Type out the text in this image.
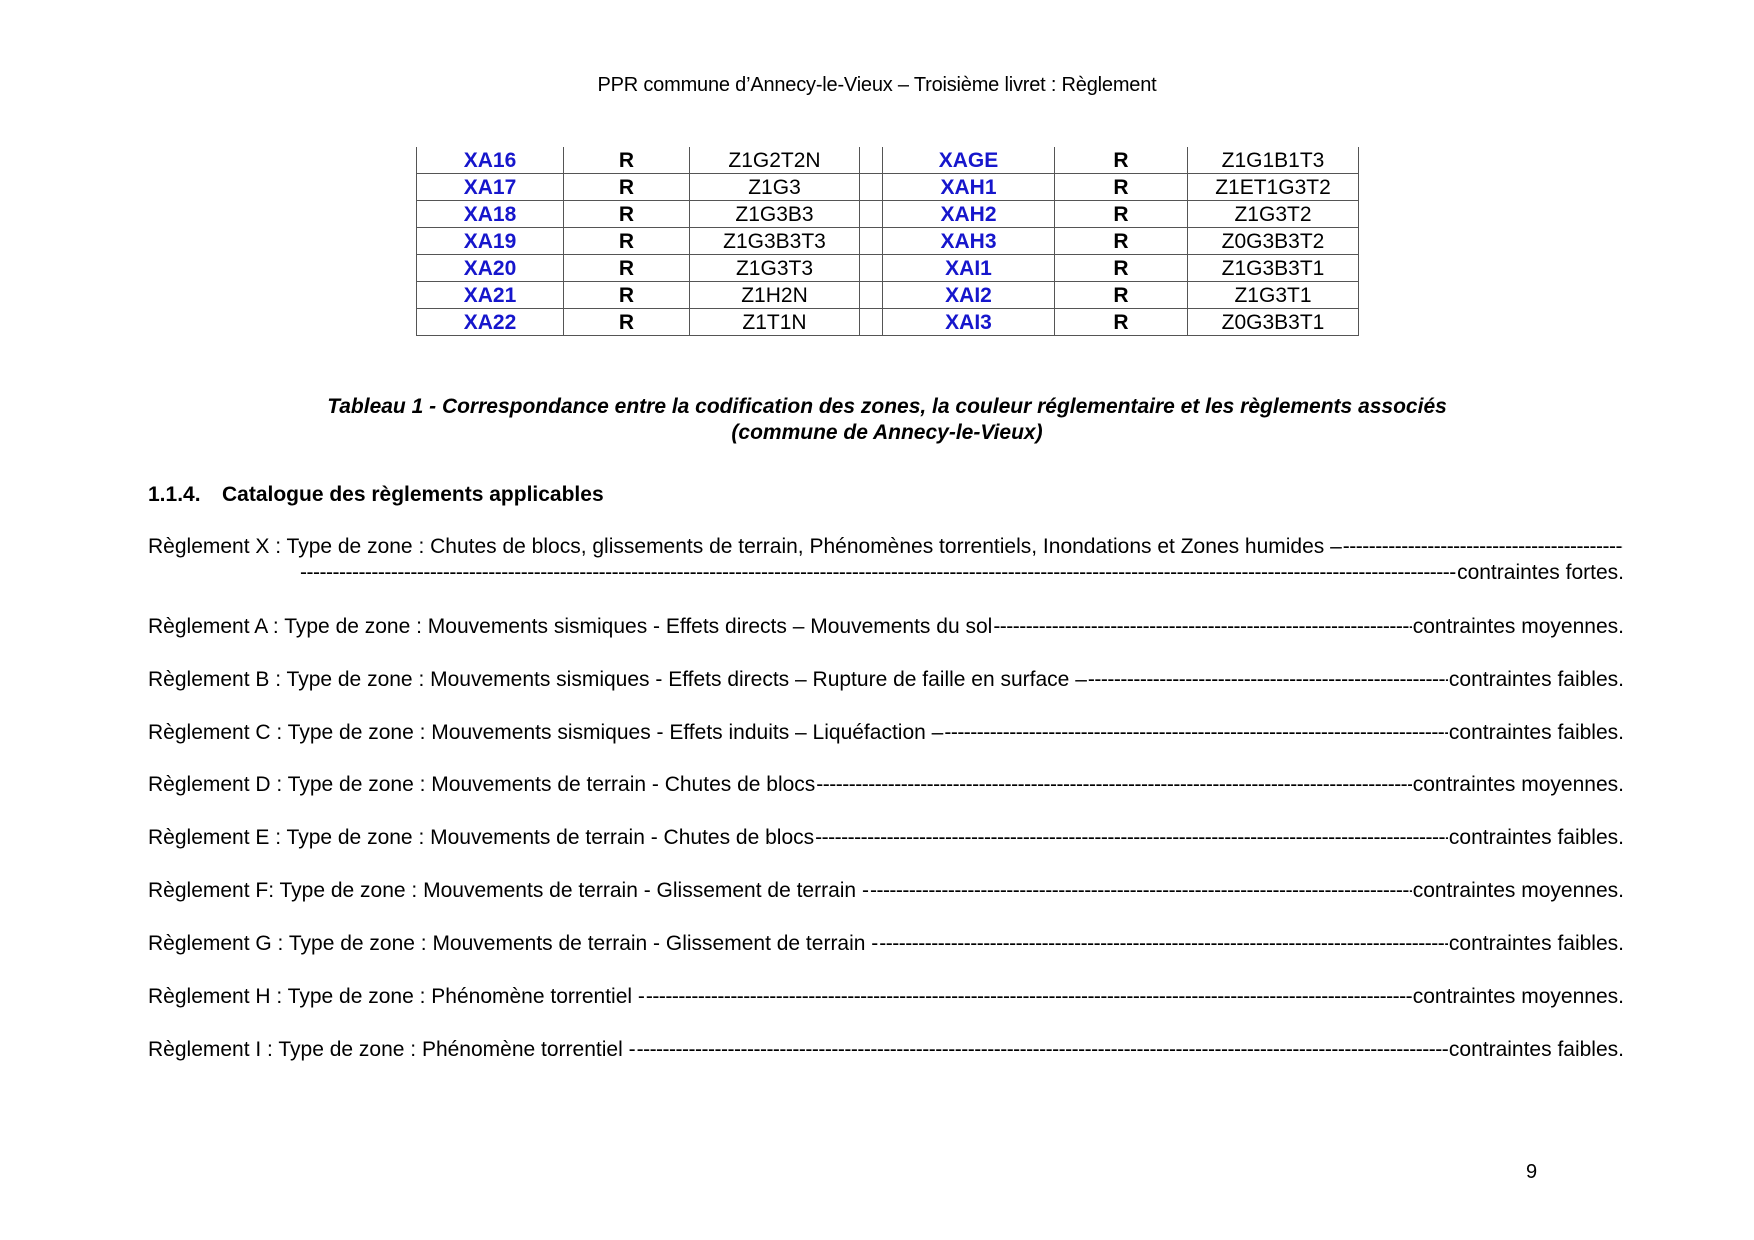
PPR commune d’Annecy-le-Vieux – Troisième livret : Règlement
XA16	R	Z1G2T2N		XAGE	R	Z1G1B1T3
XA17	R	Z1G3		XAH1	R	Z1ET1G3T2
XA18	R	Z1G3B3		XAH2	R	Z1G3T2
XA19	R	Z1G3B3T3		XAH3	R	Z0G3B3T2
XA20	R	Z1G3T3		XAI1	R	Z1G3B3T1
XA21	R	Z1H2N		XAI2	R	Z1G3T1
XA22	R	Z1T1N		XAI3	R	Z0G3B3T1
Tableau 1 - Correspondance entre la codification des zones, la couleur réglementaire et les règlements associés
(commune de Annecy-le-Vieux)
1.1.4. Catalogue des règlements applicables
Règlement X : Type de zone : Chutes de blocs, glissements de terrain, Phénomènes torrentiels, Inondations et Zones humides –
-----
-----
contraintes fortes.
Règlement A : Type de zone : Mouvements sismiques - Effets directs – Mouvements du sol -----	contraintes moyennes.
Règlement B : Type de zone : Mouvements sismiques - Effets directs – Rupture de faille en surface – -----	contraintes faibles.
Règlement C : Type de zone : Mouvements sismiques - Effets induits – Liquéfaction – -----	contraintes faibles.
Règlement D : Type de zone : Mouvements de terrain - Chutes de blocs -----	contraintes moyennes.
Règlement E : Type de zone : Mouvements de terrain - Chutes de blocs -----	contraintes faibles.
Règlement F: Type de zone : Mouvements de terrain - Glissement de terrain - -----	contraintes moyennes.
Règlement G : Type de zone : Mouvements de terrain - Glissement de terrain - -----	contraintes faibles.
Règlement H : Type de zone : Phénomène torrentiel - -----	contraintes moyennes.
Règlement I : Type de zone : Phénomène torrentiel - -----	contraintes faibles.
9
